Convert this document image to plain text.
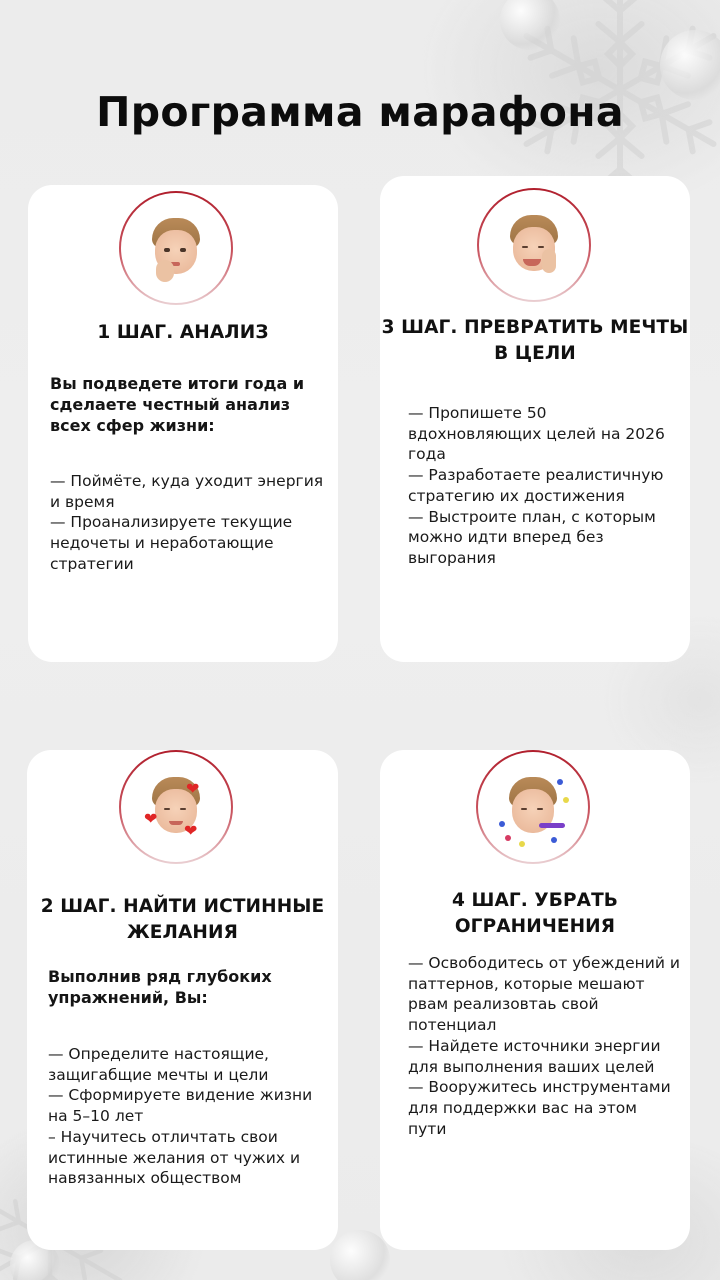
Программа марафона
1 ШАГ. АНАЛИЗ

Вы подведете итоги года и сделаете честный анализ всех сфер жизни:

— Поймёте, куда уходит энергия и время

— Проанализируете текущие недочеты и неработающие стратегии

3 ШАГ. ПРЕВРАТИТЬ МЕЧТЫ В ЦЕЛИ

— Пропишете 50 вдохновляющих целей на 2026 года

— Разработаете реалистичную стратегию их достижения

— Выстроите план, с которым можно идти вперед без выгорания

❤
❤
❤
2 ШАГ. НАЙТИ ИСТИННЫЕ ЖЕЛАНИЯ

Выполнив ряд глубоких упражнений, Вы:

— Определите настоящие, защигабщие мечты и цели

— Сформируете видение жизни на 5–10 лет

– Научитесь отличтать свои истинные желания от чужих и навязанных обществом

4 ШАГ. УБРАТЬ ОГРАНИЧЕНИЯ

— Освободитесь от убеждений и паттернов, которые мешают рвам реализовтаь свой потенциал

— Найдете источники энергии для выполнения ваших целей

— Вооружитесь инструментами для поддержки вас на этом пути
